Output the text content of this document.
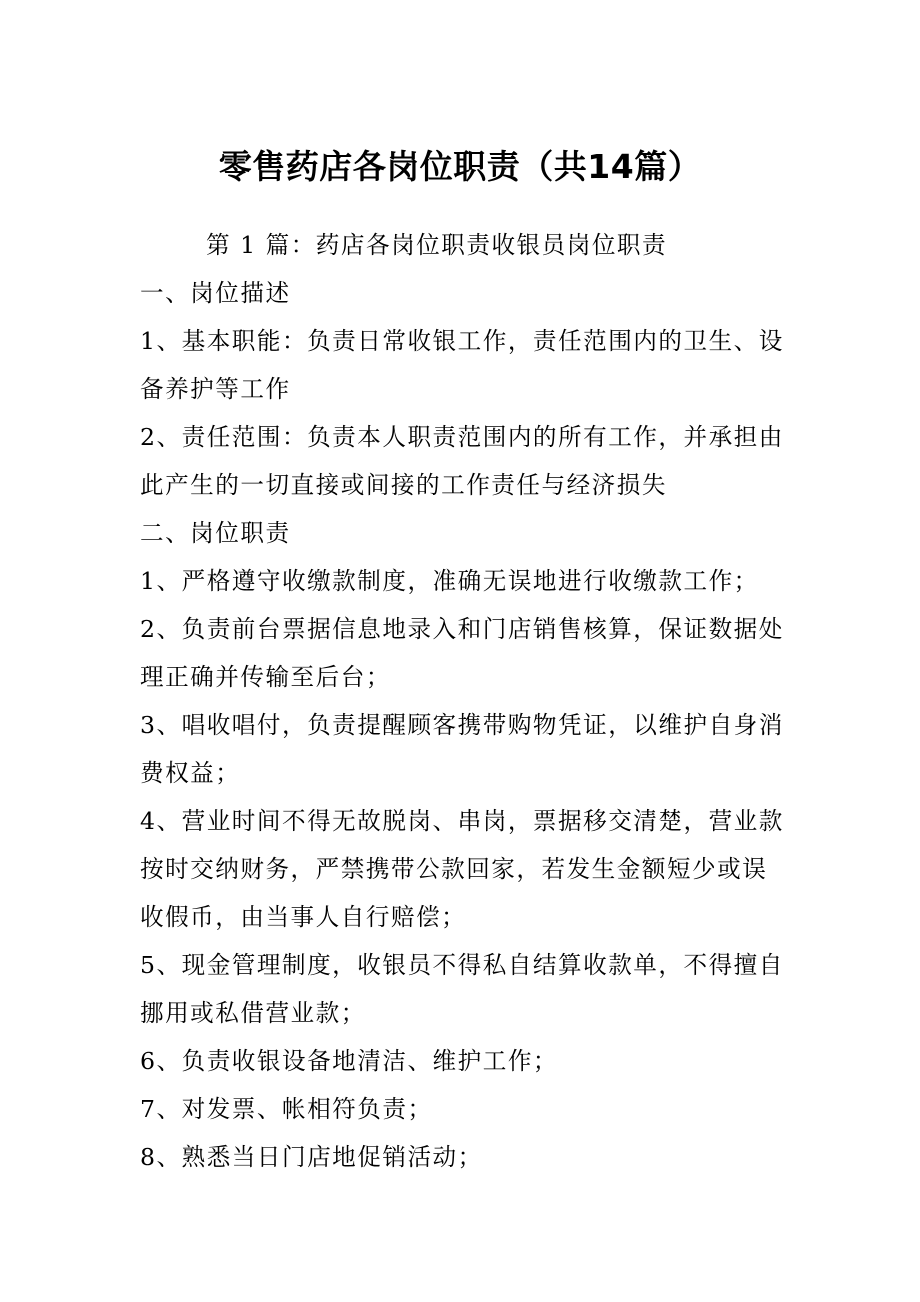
零售药店各岗位职责（共14篇）

第 1 篇：药店各岗位职责收银员岗位职责

一、岗位描述

1、基本职能：负责日常收银工作，责任范围内的卫生、设备养护等工作

2、责任范围：负责本人职责范围内的所有工作，并承担由此产生的一切直接或间接的工作责任与经济损失

二、岗位职责

1、严格遵守收缴款制度，准确无误地进行收缴款工作；

2、负责前台票据信息地录入和门店销售核算，保证数据处理正确并传输至后台；

3、唱收唱付，负责提醒顾客携带购物凭证，以维护自身消费权益；

4、营业时间不得无故脱岗、串岗，票据移交清楚，营业款按时交纳财务，严禁携带公款回家，若发生金额短少或误收假币，由当事人自行赔偿；

5、现金管理制度，收银员不得私自结算收款单，不得擅自挪用或私借营业款；

6、负责收银设备地清洁、维护工作；

7、对发票、帐相符负责；

8、熟悉当日门店地促销活动；
